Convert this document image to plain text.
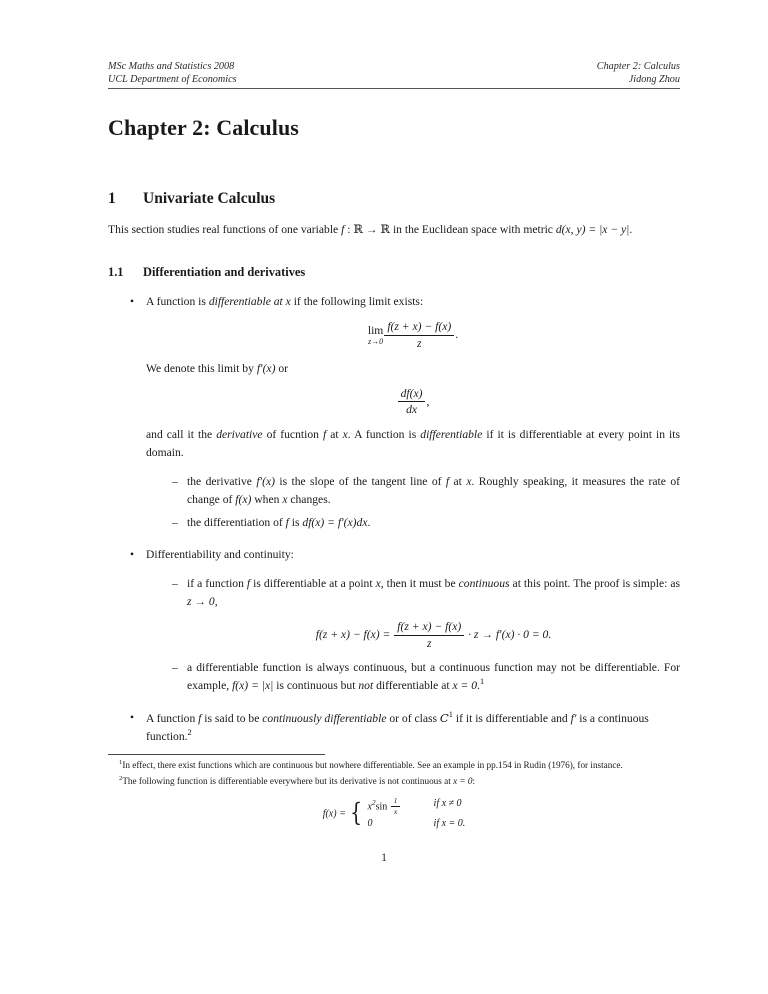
MSc Maths and Statistics 2008	Chapter 2: Calculus
UCL Department of Economics	Jidong Zhou
Chapter 2: Calculus
1	Univariate Calculus

This section studies real functions of one variable f : ℝ → ℝ in the Euclidean space with metric d(x, y) = |x − y|.

1.1	Differentiation and derivatives
• A function is differentiable at x if the following limit exists:
lim
$z\to 0 \frac{f(z + x) - f(x)}{z}$ .
We denote this limit by f′(x) or
$\frac{df(x)}{dx}$ ,
and call it the derivative of fucntion f at x. A function is differentiable if it is differentiable at every point in its domain.
– the derivative f′(x) is the slope of the tangent line of f at x. Roughly speaking, it measures the rate of change of f(x) when x changes.
– the differentiation of f is df(x) = f′(x)dx.
• Differentiability and continuity:
– if a function f is differentiable at a point x, then it must be continuous at this point. The proof is simple: as z → 0,
$f(z + x) - f(x) = \frac{f(z + x) - f(x)}{z} \cdot z \to f'(x) \cdot 0 = 0$.
– a differentiable function is always continuous, but a continuous function may not be differentiable. For example, f(x) = |x| is continuous but not differentiable at x = 0.$^1$
• A function f is said to be continuously differentiable or of class $C^1$ if it is differentiable and f′ is a continuous function.$^2$
$^1$In effect, there exist functions which are continuous but nowhere differentiable. See an example in pp.154 in Rudin (1976), for instance.
$^2$The following function is differentiable everywhere but its derivative is not continuous at x = 0:
f(x) = { $x^2\sin \frac{1}{x}$	if x ≠ 0
0	if x = 0.
1
